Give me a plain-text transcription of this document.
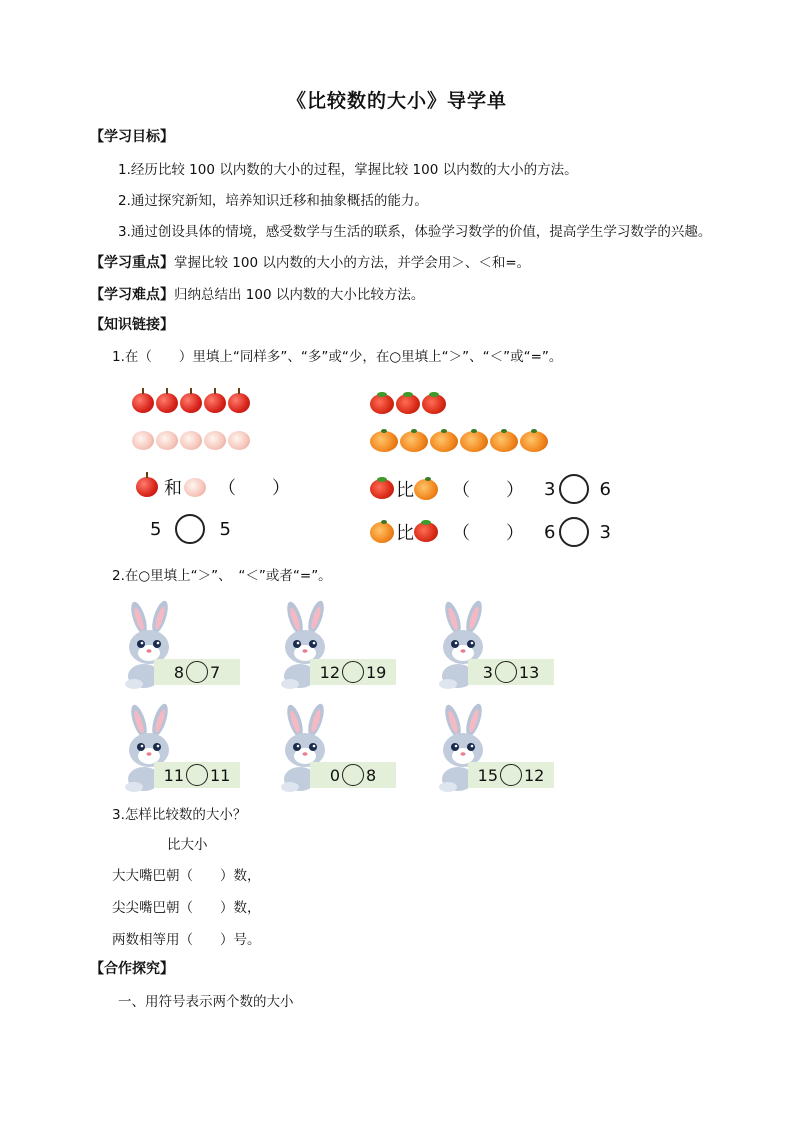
《比较数的大小》导学单
【学习目标】
1.经历比较 100 以内数的大小的过程，掌握比较 100 以内数的大小的方法。
2.通过探究新知，培养知识迁移和抽象概括的能力。
3.通过创设具体的情境，感受数学与生活的联系，体验学习数学的价值，提高学生学习数学的兴趣。
【学习重点】掌握比较 100 以内数的大小的方法，并学会用＞、＜和=。
【学习难点】归纳总结出 100 以内数的大小比较方法。
【知识链接】
1.在（　　）里填上“同样多”、“多”或“少，在○里填上“＞”、“＜”或“=”。
和 （　　）
5	5
比 （　　） 3 6
比 （　　） 6 3
2.在○里填上“＞”、　“＜”或者“=”。
8 7	12 19	3 13
11 11	0 8	15 12
3.怎样比较数的大小？
比大小
大大嘴巴朝（　　）数，
尖尖嘴巴朝（　　）数，
两数相等用（　　）号。
【合作探究】
一、用符号表示两个数的大小
